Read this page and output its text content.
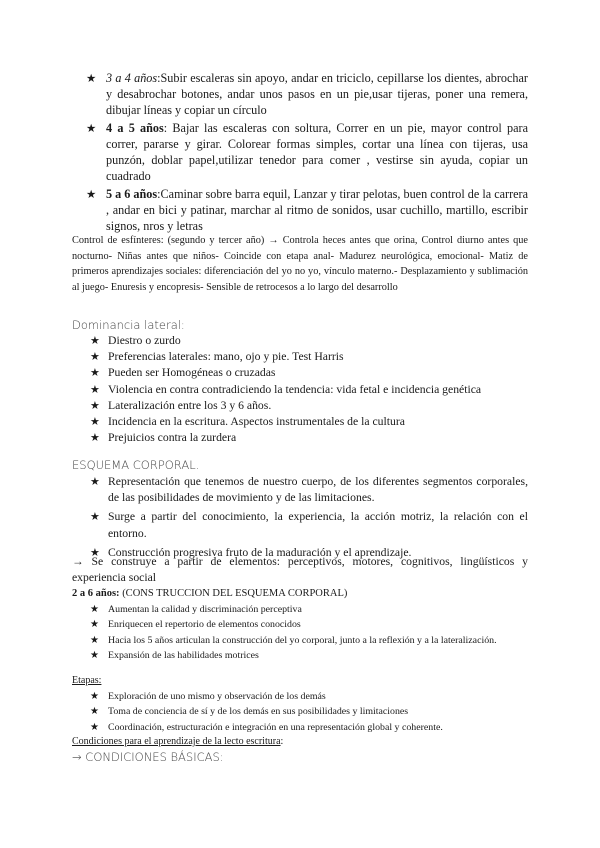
★ 3 a 4 años:Subir escaleras sin apoyo, andar en triciclo, cepillarse los dientes, abrochar y desabrochar botones, andar unos pasos en un pie,usar tijeras, poner una remera, dibujar líneas y copiar un círculo
★ 4 a 5 años: Bajar las escaleras con soltura, Correr en un pie, mayor control para correr, pararse y girar. Colorear formas simples, cortar una línea con tijeras, usa punzón, doblar papel,utilizar tenedor para comer , vestirse sin ayuda, copiar un cuadrado
★ 5 a 6 años:Caminar sobre barra equil, Lanzar y tirar pelotas, buen control de la carrera , andar en bici y patinar, marchar al ritmo de sonidos, usar cuchillo, martillo, escribir signos, nros y letras
Control de esfínteres: (segundo y tercer año) → Controla heces antes que orina, Control diurno antes que nocturno- Niñas antes que niños- Coincide con etapa anal- Madurez neurológica, emocional- Matiz de primeros aprendizajes sociales: diferenciación del yo no yo, vínculo materno.- Desplazamiento y sublimación al juego- Enuresis y encopresis- Sensible de retrocesos a lo largo del desarrollo
Dominancia lateral:
★ Diestro o zurdo
★ Preferencias laterales: mano, ojo y pie. Test Harris
★ Pueden ser Homogéneas o cruzadas
★ Violencia en contra contradiciendo la tendencia: vida fetal e incidencia genética
★ Lateralización entre los 3 y 6 años.
★ Incidencia en la escritura. Aspectos instrumentales de la cultura
★ Prejuicios contra la zurdera
ESQUEMA CORPORAL.
★ Representación que tenemos de nuestro cuerpo, de los diferentes segmentos corporales, de las posibilidades de movimiento y de las limitaciones.
★ Surge a partir del conocimiento, la experiencia, la acción motriz, la relación con el entorno.
★ Construcción progresiva fruto de la maduración y el aprendizaje.
→ Se construye a partir de elementos: perceptivos, motores, cognitivos, lingüísticos y experiencia social
2 a 6 años: (CONS TRUCCION DEL ESQUEMA CORPORAL)
★ Aumentan la calidad y discriminación perceptiva
★ Enriquecen el repertorio de elementos conocidos
★ Hacia los 5 años articulan la construcción del yo corporal, junto a la reflexión y a la lateralización.
★ Expansión de las habilidades motrices
Etapas:
★ Exploración de uno mismo y observación de los demás
★ Toma de conciencia de sí y de los demás en sus posibilidades y limitaciones
★ Coordinación, estructuración e integración en una representación global y coherente.
Condiciones para el aprendizaje de la lecto escritura:
→ CONDICIONES BÁSICAS:
